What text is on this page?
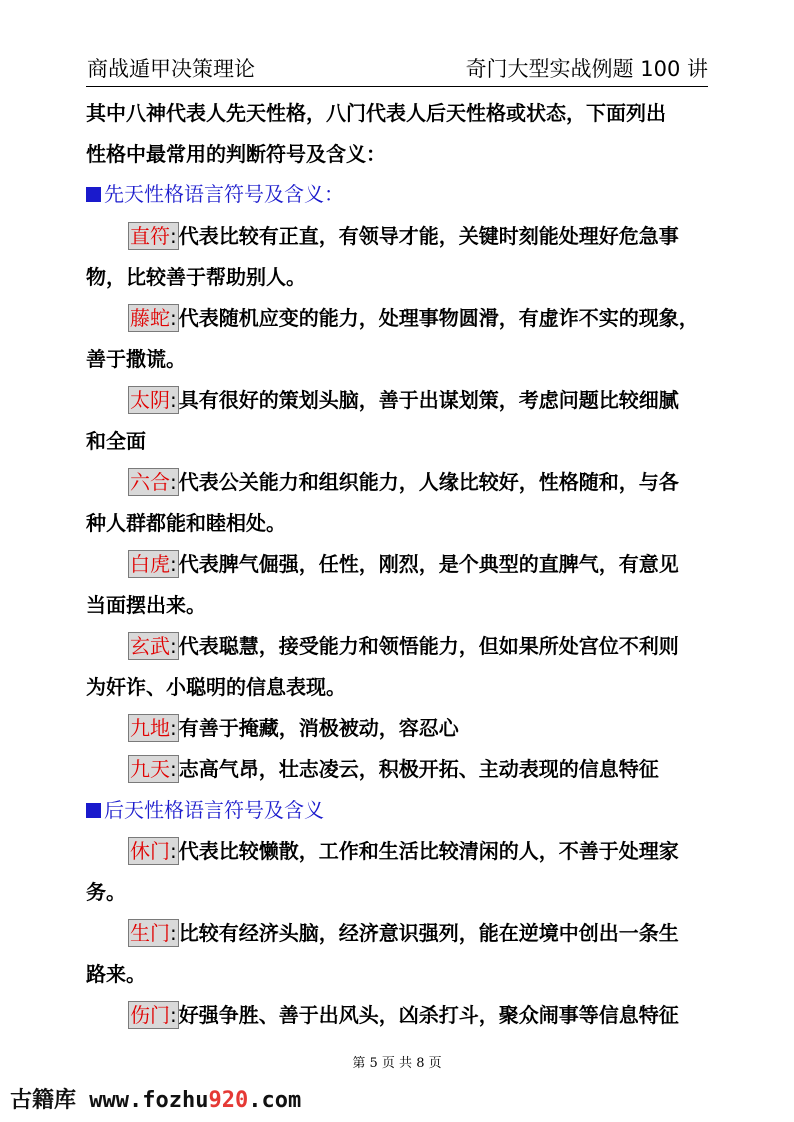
商战遁甲决策理论	奇门大型实战例题 100 讲
其中八神代表人先天性格，八门代表人后天性格或状态，下面列出
性格中最常用的判断符号及含义：
先天性格语言符号及含义：
直符: 代表比较有正直，有领导才能，关键时刻能处理好危急事
物，比较善于帮助别人。
藤蛇: 代表随机应变的能力，处理事物圆滑，有虚诈不实的现象，
善于撒谎。
太阴: 具有很好的策划头脑，善于出谋划策，考虑问题比较细腻
和全面
六合: 代表公关能力和组织能力，人缘比较好，性格随和，与各
种人群都能和睦相处。
白虎: 代表脾气倔强，任性，刚烈，是个典型的直脾气，有意见
当面摆出来。
玄武: 代表聪慧，接受能力和领悟能力，但如果所处宫位不利则
为奸诈、小聪明的信息表现。
九地: 有善于掩藏，消极被动，容忍心
九天: 志高气昂，壮志凌云，积极开拓、主动表现的信息特征
后天性格语言符号及含义
休门: 代表比较懒散，工作和生活比较清闲的人，不善于处理家
务。
生门: 比较有经济头脑，经济意识强列，能在逆境中创出一条生
路来。
伤门: 好强争胜、善于出风头，凶杀打斗，聚众闹事等信息特征
第 5 页 共 8 页
古籍库 www.fozhu920.com
